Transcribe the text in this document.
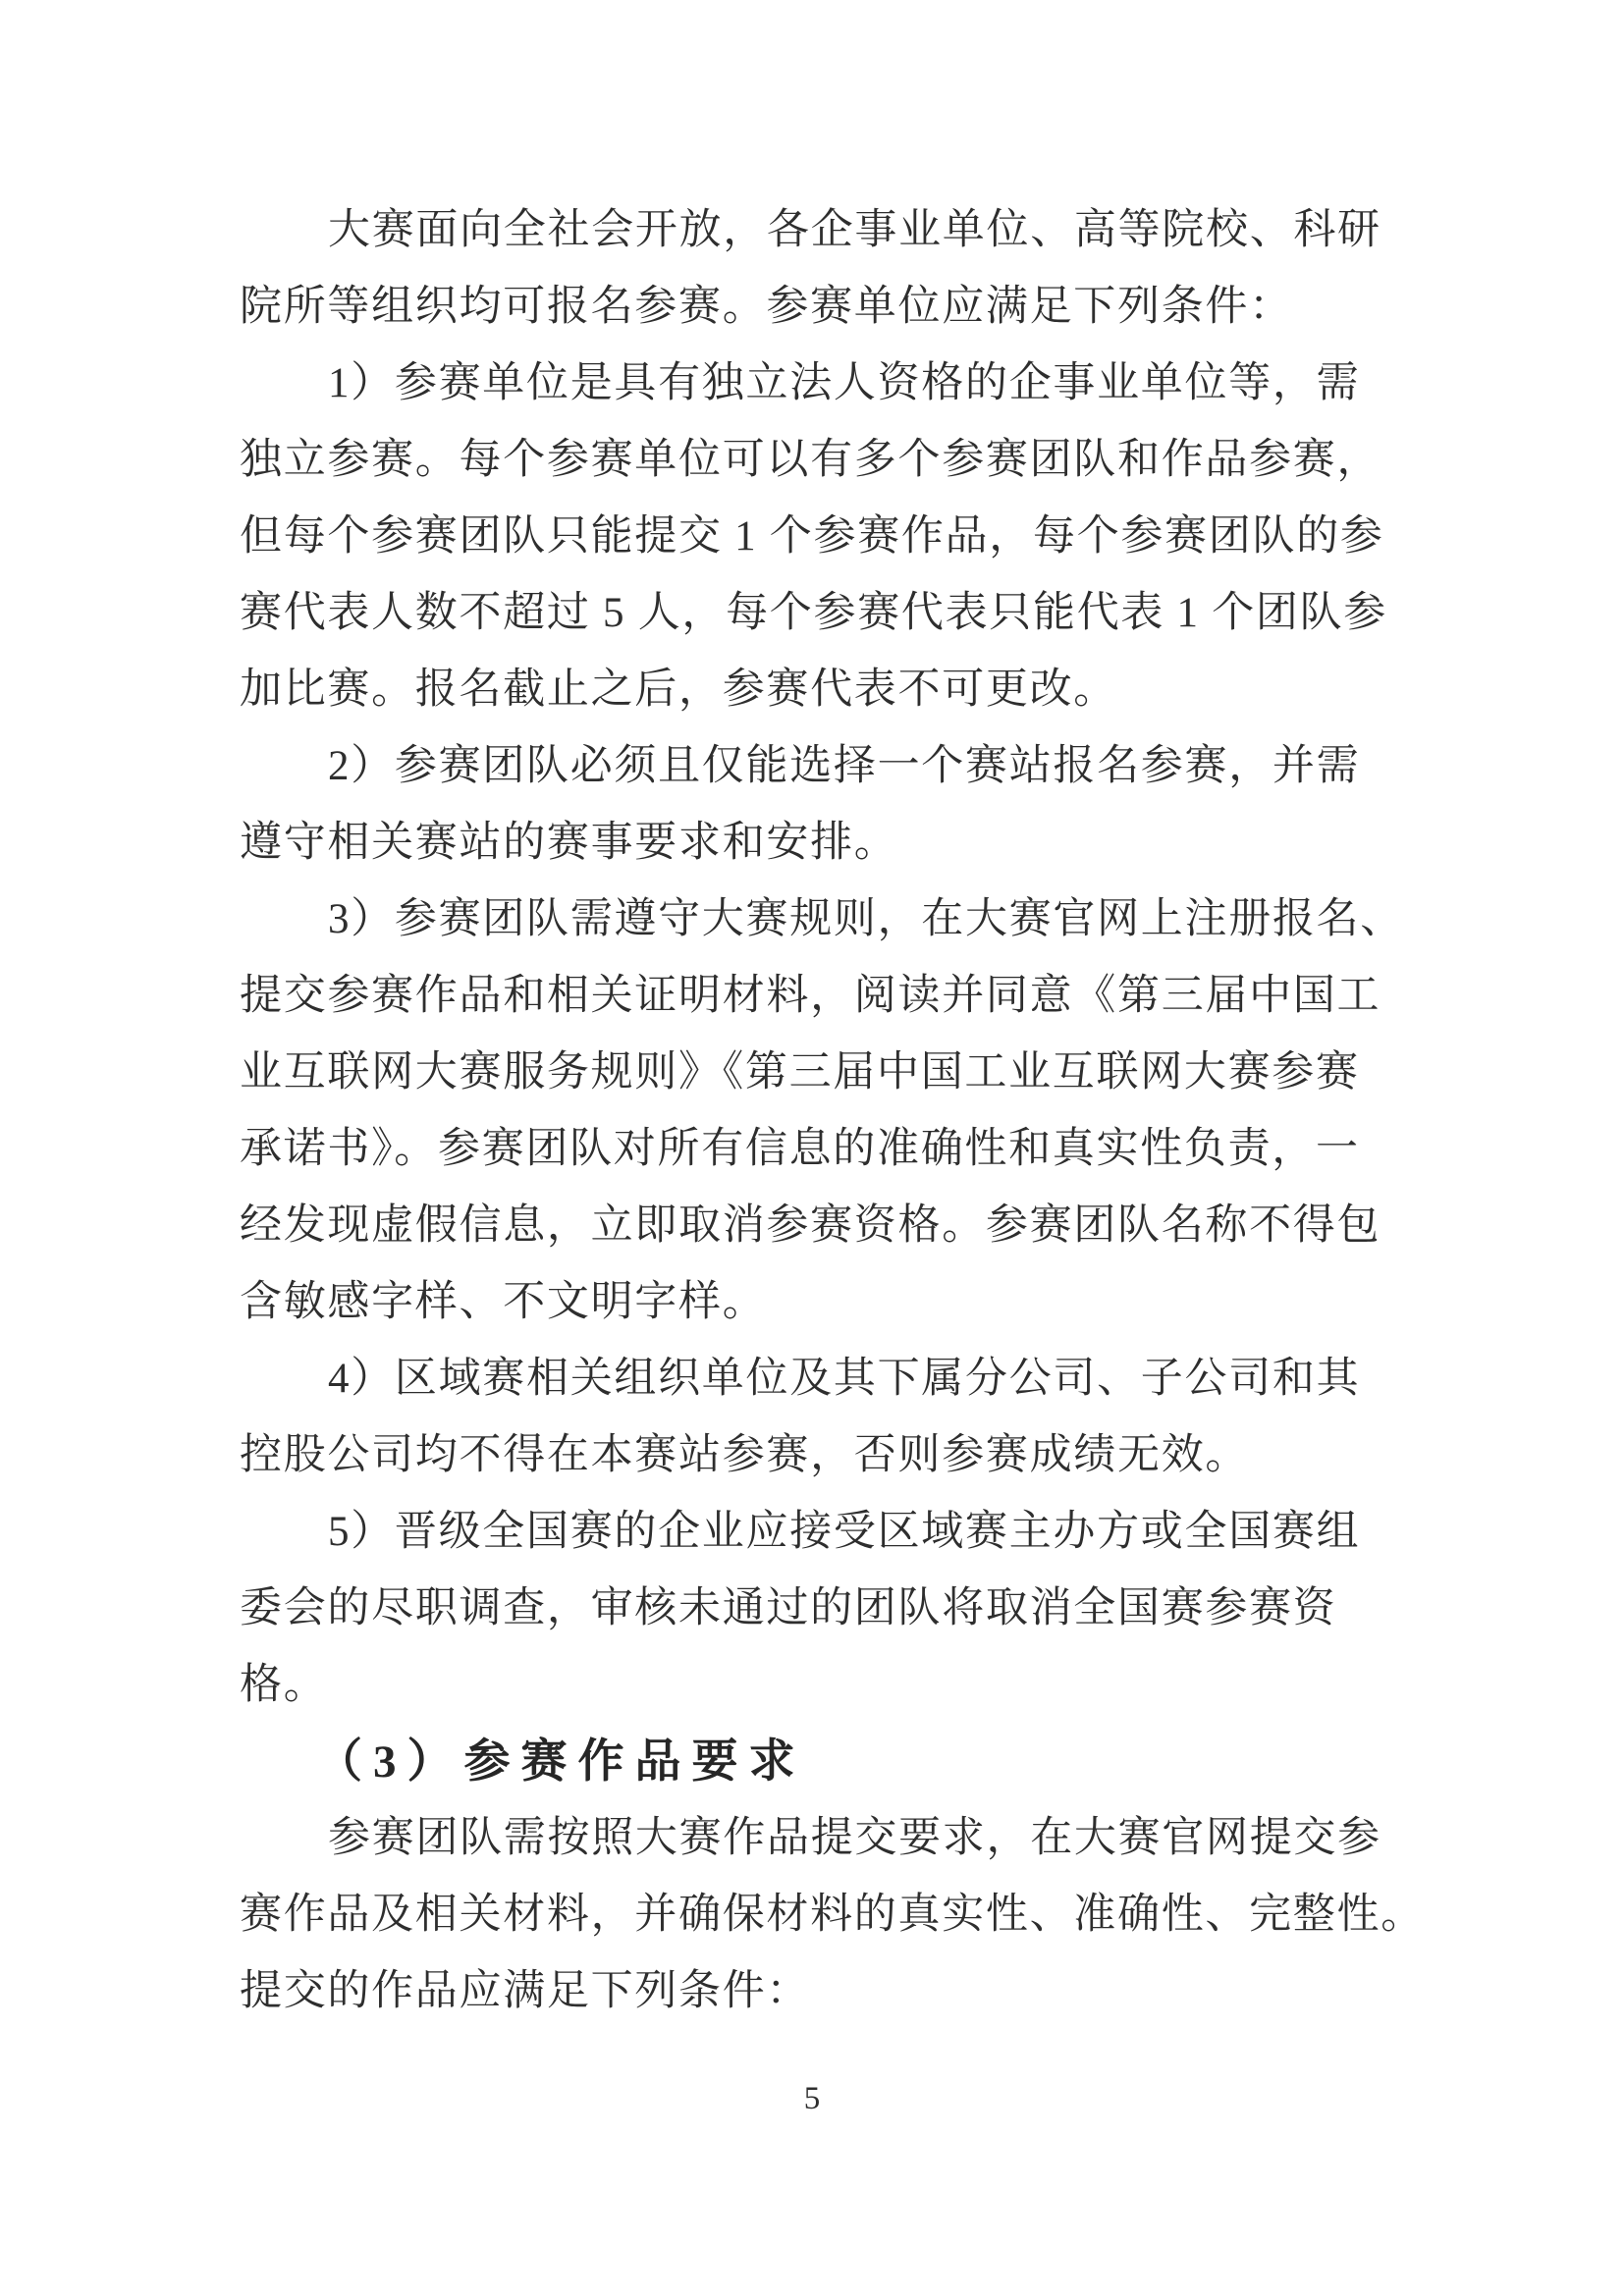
大赛面向全社会开放，各企事业单位、高等院校、科研
院所等组织均可报名参赛。参赛单位应满足下列条件：
1）参赛单位是具有独立法人资格的企事业单位等，需
独立参赛。每个参赛单位可以有多个参赛团队和作品参赛，
但每个参赛团队只能提交 1 个参赛作品，每个参赛团队的参
赛代表人数不超过 5 人，每个参赛代表只能代表 1 个团队参
加比赛。报名截止之后，参赛代表不可更改。
2）参赛团队必须且仅能选择一个赛站报名参赛，并需
遵守相关赛站的赛事要求和安排。
3）参赛团队需遵守大赛规则，在大赛官网上注册报名、
提交参赛作品和相关证明材料，阅读并同意《第三届中国工
业互联网大赛服务规则》《第三届中国工业互联网大赛参赛
承诺书》。参赛团队对所有信息的准确性和真实性负责，一
经发现虚假信息，立即取消参赛资格。参赛团队名称不得包
含敏感字样、不文明字样。
4）区域赛相关组织单位及其下属分公司、子公司和其
控股公司均不得在本赛站参赛，否则参赛成绩无效。
5）晋级全国赛的企业应接受区域赛主办方或全国赛组
委会的尽职调查，审核未通过的团队将取消全国赛参赛资
格。
（3）参赛作品要求
参赛团队需按照大赛作品提交要求，在大赛官网提交参
赛作品及相关材料，并确保材料的真实性、准确性、完整性。
提交的作品应满足下列条件：
5
